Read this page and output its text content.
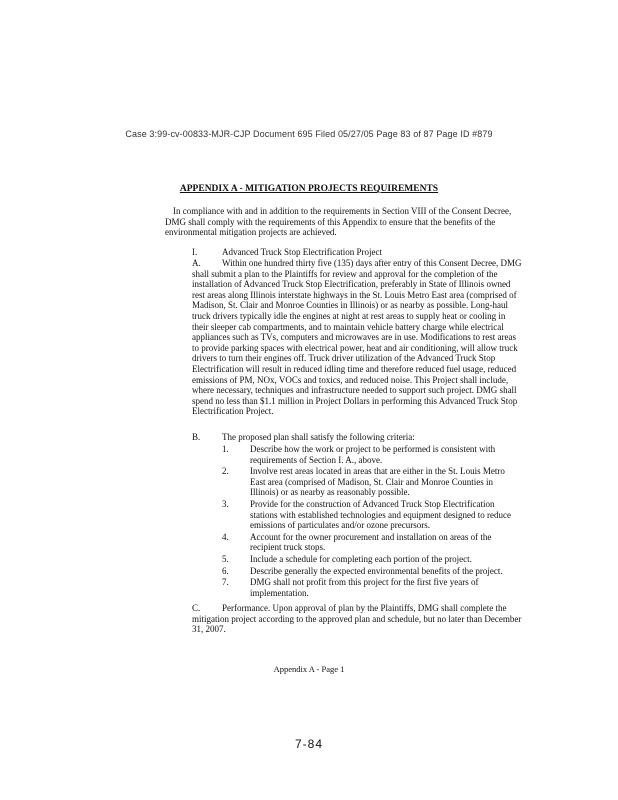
Case 3:99-cv-00833-MJR-CJP Document 695 Filed 05/27/05 Page 83 of 87 Page ID #879
APPENDIX A - MITIGATION PROJECTS REQUIREMENTS

In compliance with and in addition to the requirements in Section VIII of the Consent Decree, DMG shall comply with the requirements of this Appendix to ensure that the benefits of the environmental mitigation projects are achieved.

I.	Advanced Truck Stop Electrification Project

A. Within one hundred thirty five (135) days after entry of this Consent Decree, DMG shall submit a plan to the Plaintiffs for review and approval for the completion of the installation of Advanced Truck Stop Electrification, preferably in State of Illinois owned rest areas along Illinois interstate highways in the St. Louis Metro East area (comprised of Madison, St. Clair and Monroe Counties in Illinois) or as nearby as possible. Long-haul truck drivers typically idle the engines at night at rest areas to supply heat or cooling in their sleeper cab compartments, and to maintain vehicle battery charge while electrical appliances such as TVs, computers and microwaves are in use. Modifications to rest areas to provide parking spaces with electrical power, heat and air conditioning, will allow truck drivers to turn their engines off. Truck driver utilization of the Advanced Truck Stop Electrification will result in reduced idling time and therefore reduced fuel usage, reduced emissions of PM, NOx, VOCs and toxics, and reduced noise. This Project shall include, where necessary, techniques and infrastructure needed to support such project. DMG shall spend no less than $1.1 million in Project Dollars in performing this Advanced Truck Stop Electrification Project.

B. The proposed plan shall satisfy the following criteria:
1.	Describe how the work or project to be performed is consistent with requirements of Section I. A., above.
2.	Involve rest areas located in areas that are either in the St. Louis Metro East area (comprised of Madison, St. Clair and Monroe Counties in Illinois) or as nearby as reasonably possible.
3.	Provide for the construction of Advanced Truck Stop Electrification stations with established technologies and equipment designed to reduce emissions of particulates and/or ozone precursors.
4.	Account for the owner procurement and installation on areas of the recipient truck stops.
5.	Include a schedule for completing each portion of the project.
6.	Describe generally the expected environmental benefits of the project.
7.	DMG shall not profit from this project for the first five years of implementation.

C. Performance. Upon approval of plan by the Plaintiffs, DMG shall complete the mitigation project according to the approved plan and schedule, but no later than December 31, 2007.

Appendix A - Page 1
7-84
